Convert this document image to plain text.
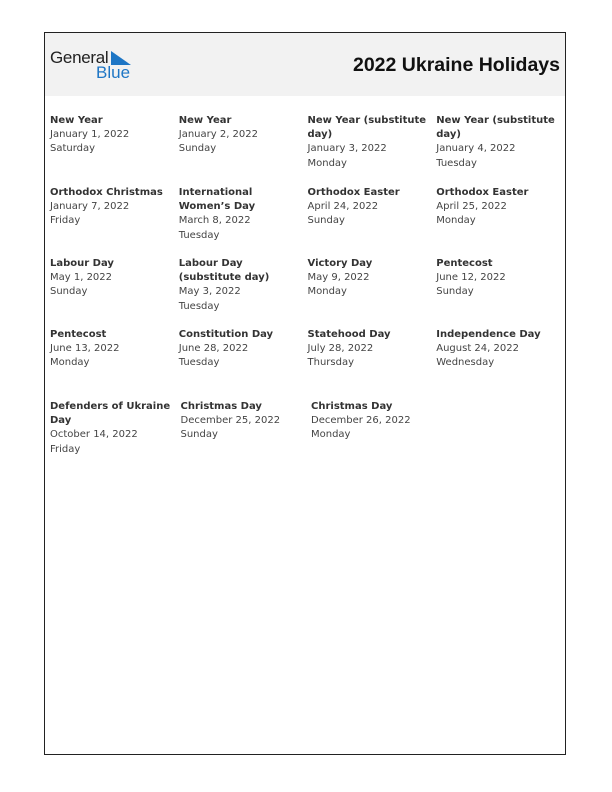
General
Blue	2022 Ukraine Holidays
New Year
January 1, 2022
Saturday
New Year
January 2, 2022
Sunday
New Year (substitute day)
January 3, 2022
Monday
New Year (substitute day)
January 4, 2022
Tuesday
Orthodox Christmas
January 7, 2022
Friday
International Women’s Day
March 8, 2022
Tuesday
Orthodox Easter
April 24, 2022
Sunday
Orthodox Easter
April 25, 2022
Monday
Labour Day
May 1, 2022
Sunday
Labour Day (substitute day)
May 3, 2022
Tuesday
Victory Day
May 9, 2022
Monday
Pentecost
June 12, 2022
Sunday
Pentecost
June 13, 2022
Monday
Constitution Day
June 28, 2022
Tuesday
Statehood Day
July 28, 2022
Thursday
Independence Day
August 24, 2022
Wednesday
Defenders of Ukraine Day
October 14, 2022
Friday
Christmas Day
December 25, 2022
Sunday
Christmas Day
December 26, 2022
Monday
